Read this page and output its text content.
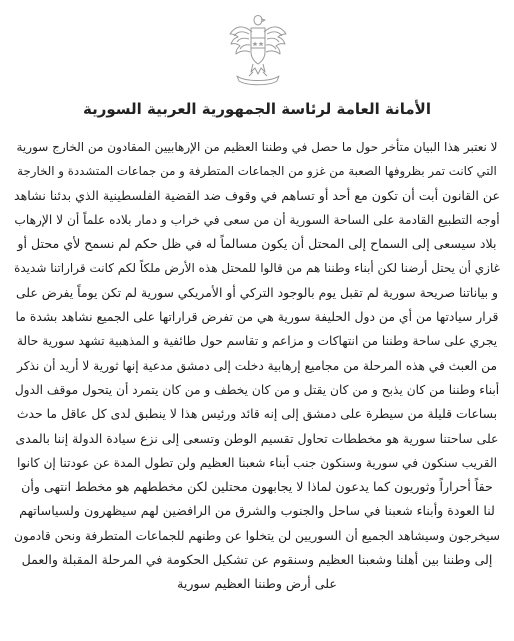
الأمانة العامة لرئاسة الجمهورية العربية السورية
لا نعتبر هذا البيان متأخر حول ما حصل في وطننا العظيم من الإرهابيين المقادون من الخارج سورية
التي كانت تمر بظروفها الصعبة من غزو من الجماعات المتطرفة و من جماعات المتشددة و الخارجة
عن القانون أبت أن تكون مع أحد أو تساهم في وقوف ضد القضية الفلسطينية الذي بدئنا نشاهد
أوجه التطبيع القادمة على الساحة السورية أن من سعى في خراب و دمار بلاده علماً أن لا الإرهاب
بلاد سيسعى إلى السماح إلى المحتل أن يكون مسالماً له في ظل حكم لم نسمح لأي محتل أو
غازي أن يحتل أرضنا لكن أبناء وطننا هم من قالوا للمحتل هذه الأرض ملكاً لكم كانت قراراتنا شديدة
و بياناتنا صريحة سورية لم تقبل يوم بالوجود التركي أو الأمريكي سورية لم تكن يوماً يفرض على
قرار سيادتها من أي من دول الحليفة سورية هي من تفرض قراراتها على الجميع نشاهد بشدة ما
يجري على ساحة وطننا من انتهاكات و مزاعم و تقاسم حول طائفية و المذهبية تشهد سورية حالة
من العبث في هذه المرحلة من مجاميع إرهابية دخلت إلى دمشق مدعية إنها ثورية لا أريد أن نذكر
أبناء وطننا من كان يذبح و من كان يقتل و من كان يخطف و من كان يتمرد أن يتحول موقف الدول
بساعات قليلة من سيطرة على دمشق إلى إنه قائد ورئيس هذا لا ينطبق لدى كل عاقل ما حدث
على ساحتنا سورية هو مخططات تحاول تقسيم الوطن وتسعى إلى نزع سيادة الدولة إننا بالمدى
القريب سنكون في سورية وسنكون جنب أبناء شعبنا العظيم ولن تطول المدة عن عودتنا إن كانوا
حقاً أحراراً وثوريون كما يدعون لماذا لا يجابهون محتلين لكن مخططهم هو مخطط انتهى وأن
لنا العودة وأبناء شعبنا في ساحل والجنوب والشرق من الرافضين لهم سيظهرون ولسياساتهم
سيخرجون وسيشاهد الجميع أن السوريين لن يتخلوا عن وطنهم للجماعات المتطرفة ونحن قادمون
إلى وطننا بين أهلنا وشعبنا العظيم وسنقوم عن تشكيل الحكومة في المرحلة المقبلة والعمل
على أرض وطننا العظيم سورية
